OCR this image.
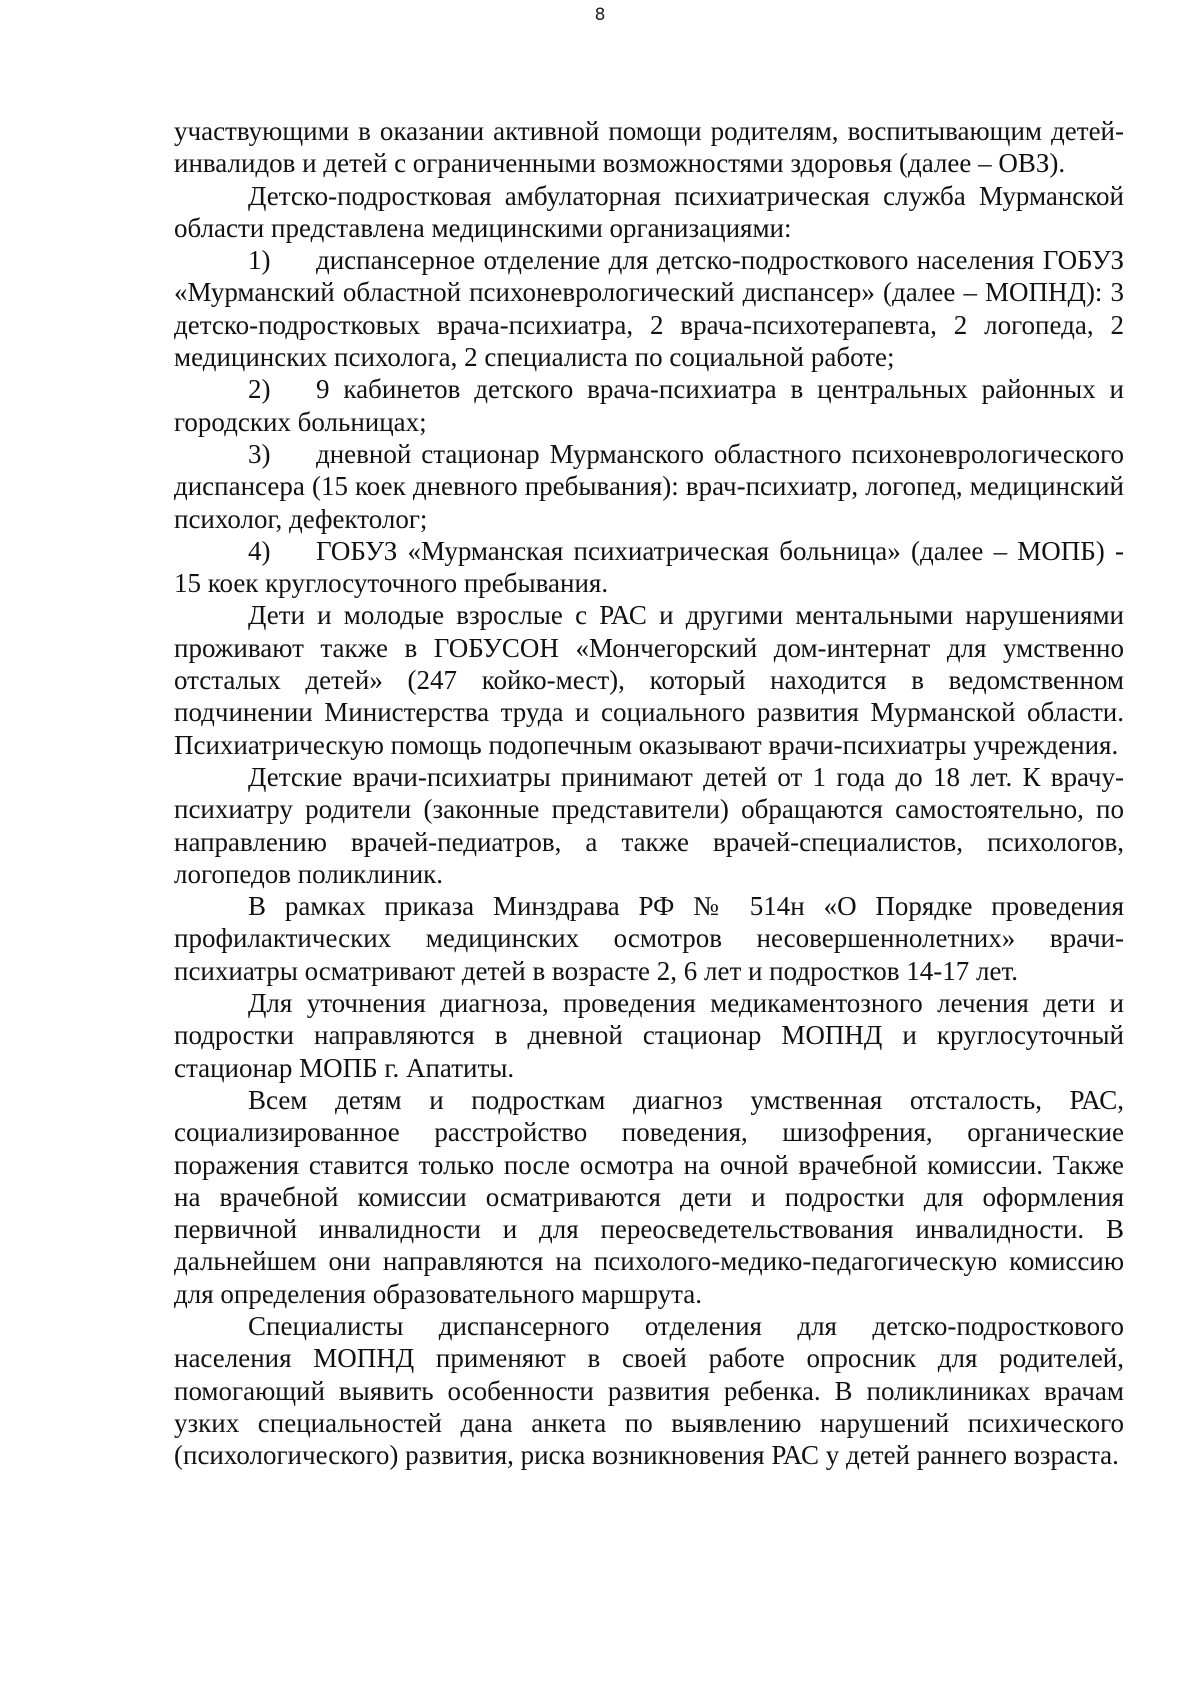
8

участвующими в оказании активной помощи родителям, воспитывающим детей-инвалидов и детей с ограниченными возможностями здоровья (далее – ОВЗ).

Детско-подростковая амбулаторная психиатрическая служба Мурманской области представлена медицинскими организациями:

1) диспансерное отделение для детско-подросткового населения ГОБУЗ «Мурманский областной психоневрологический диспансер» (далее – МОПНД): 3 детско-подростковых врача-психиатра, 2 врача-психотерапевта, 2 логопеда, 2 медицинских психолога, 2 специалиста по социальной работе;

2) 9 кабинетов детского врача-психиатра в центральных районных и городских больницах;

3) дневной стационар Мурманского областного психоневрологического диспансера (15 коек дневного пребывания): врач-психиатр, логопед, медицинский психолог, дефектолог;

4) ГОБУЗ «Мурманская психиатрическая больница» (далее – МОПБ) - 15 коек круглосуточного пребывания.

Дети и молодые взрослые с РАС и другими ментальными нарушениями проживают также в ГОБУСОН «Мончегорский дом-интернат для умственно отсталых детей» (247 койко-мест), который находится в ведомственном подчинении Министерства труда и социального развития Мурманской области. Психиатрическую помощь подопечным оказывают врачи-психиатры учреждения.

Детские врачи-психиатры принимают детей от 1 года до 18 лет. К врачу-психиатру родители (законные представители) обращаются самостоятельно, по направлению врачей-педиатров, а также врачей-специалистов, психологов, логопедов поликлиник.

В рамках приказа Минздрава РФ № 514н «О Порядке проведения профилактических медицинских осмотров несовершеннолетних» врачи-психиатры осматривают детей в возрасте 2, 6 лет и подростков 14-17 лет.

Для уточнения диагноза, проведения медикаментозного лечения дети и подростки направляются в дневной стационар МОПНД и круглосуточный стационар МОПБ г. Апатиты.

Всем детям и подросткам диагноз умственная отсталость, РАС, социализированное расстройство поведения, шизофрения, органические поражения ставится только после осмотра на очной врачебной комиссии. Также на врачебной комиссии осматриваются дети и подростки для оформления первичной инвалидности и для переосведетельствования инвалидности. В дальнейшем они направляются на психолого-медико-педагогическую комиссию для определения образовательного маршрута.

Специалисты диспансерного отделения для детско-подросткового населения МОПНД применяют в своей работе опросник для родителей, помогающий выявить особенности развития ребенка. В поликлиниках врачам узких специальностей дана анкета по выявлению нарушений психического (психологического) развития, риска возникновения РАС у детей раннего возраста.
